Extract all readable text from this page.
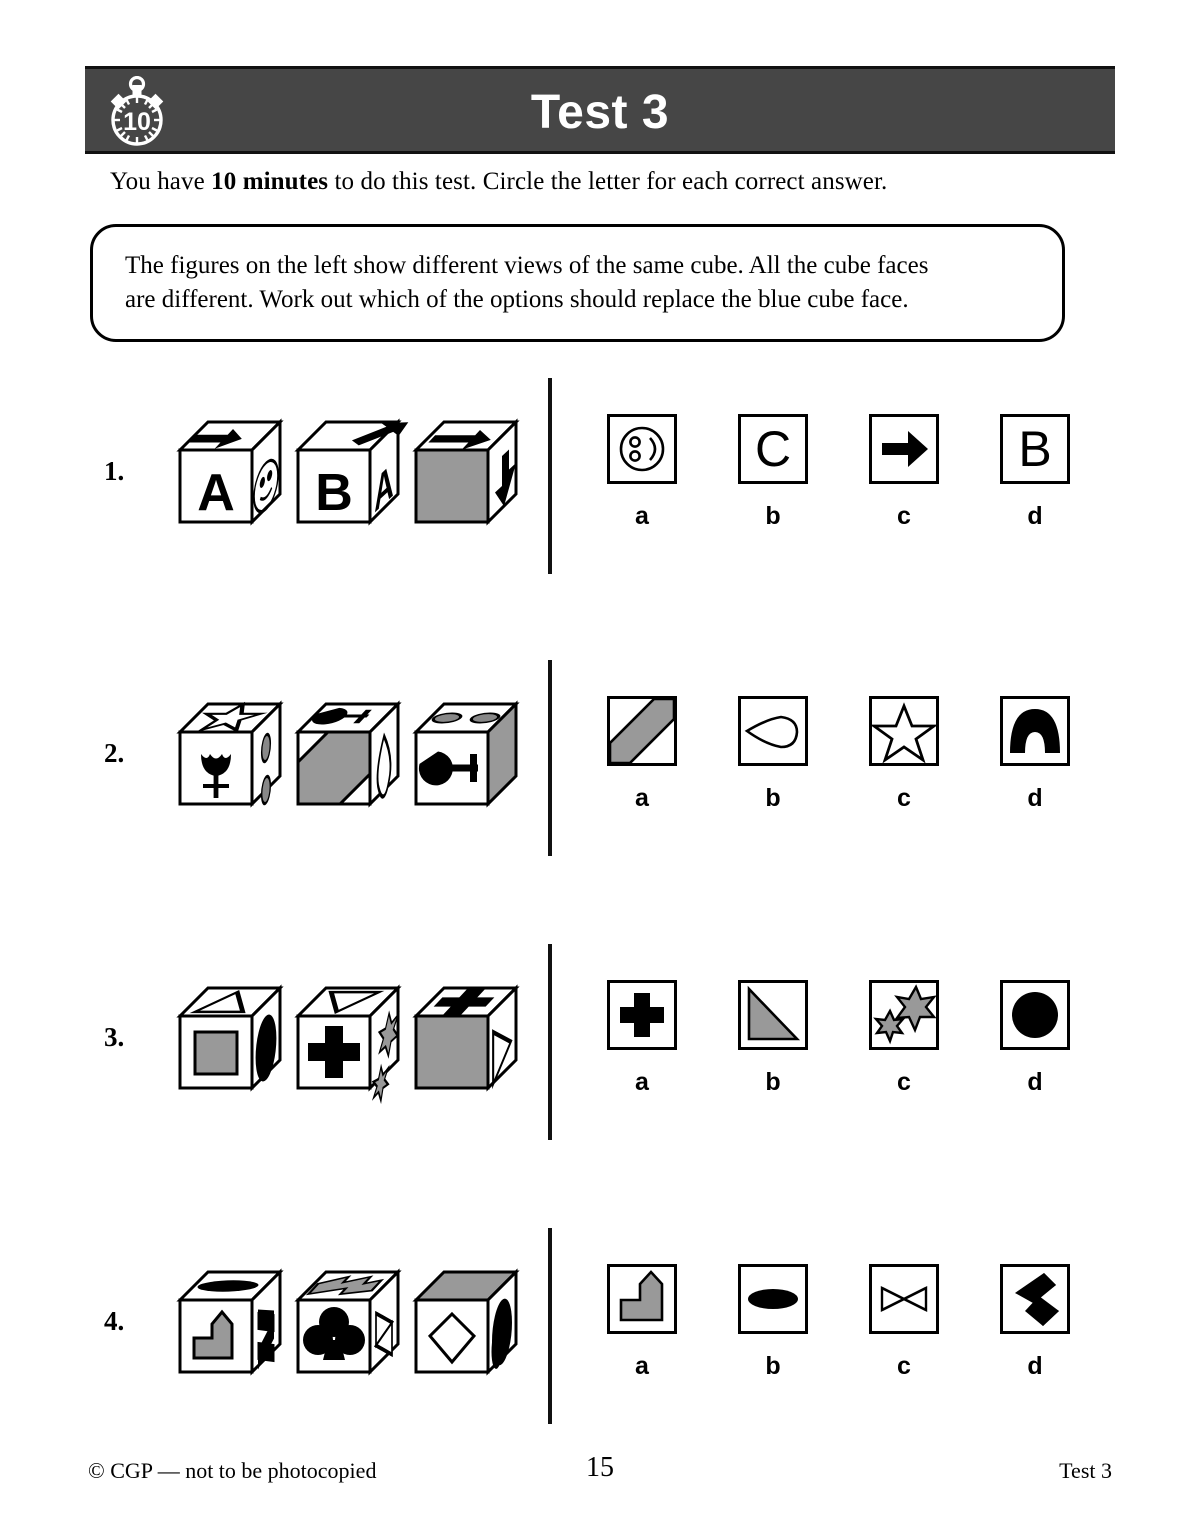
10	Test 3
You have 10 minutes to do this test. Circle the letter for each correct answer.
The figures on the left show different views of the same cube. All the cube faces
are different. Work out which of the options should replace the blue cube face.
1.	A B A	a
C
b	c
B
d
2.
a	b	c	d
3.
a	b	c	d
4.
a	b	c	d
© CGP — not to be photocopied	15	Test 3
